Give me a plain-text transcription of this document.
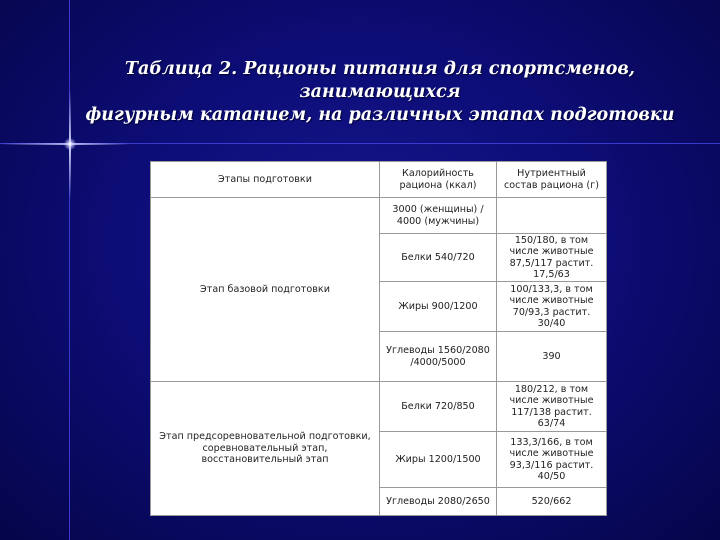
Таблица 2. Рационы питания для спортсменов, занимающихся
фигурным катанием, на различных этапах подготовки
Этапы подготовки	Калорийность рациона (ккал)	Нутриентный состав рациона (г)
Этап базовой подготовки	3000 (женщины) / 4000 (мужчины)	
	Белки 540/720	150/180, в том числе животные 87,5/117 растит. 17,5/63
	Жиры 900/1200	100/133,3, в том числе животные 70/93,3 растит. 30/40
	Углеводы 1560/2080 /4000/5000	390
Этап предсоревновательной подготовки, соревновательный этап, восстановительный этап	Белки 720/850	180/212, в том числе животные 117/138 растит. 63/74
	Жиры 1200/1500	133,3/166, в том числе животные 93,3/116 растит. 40/50
	Углеводы 2080/2650	520/662
